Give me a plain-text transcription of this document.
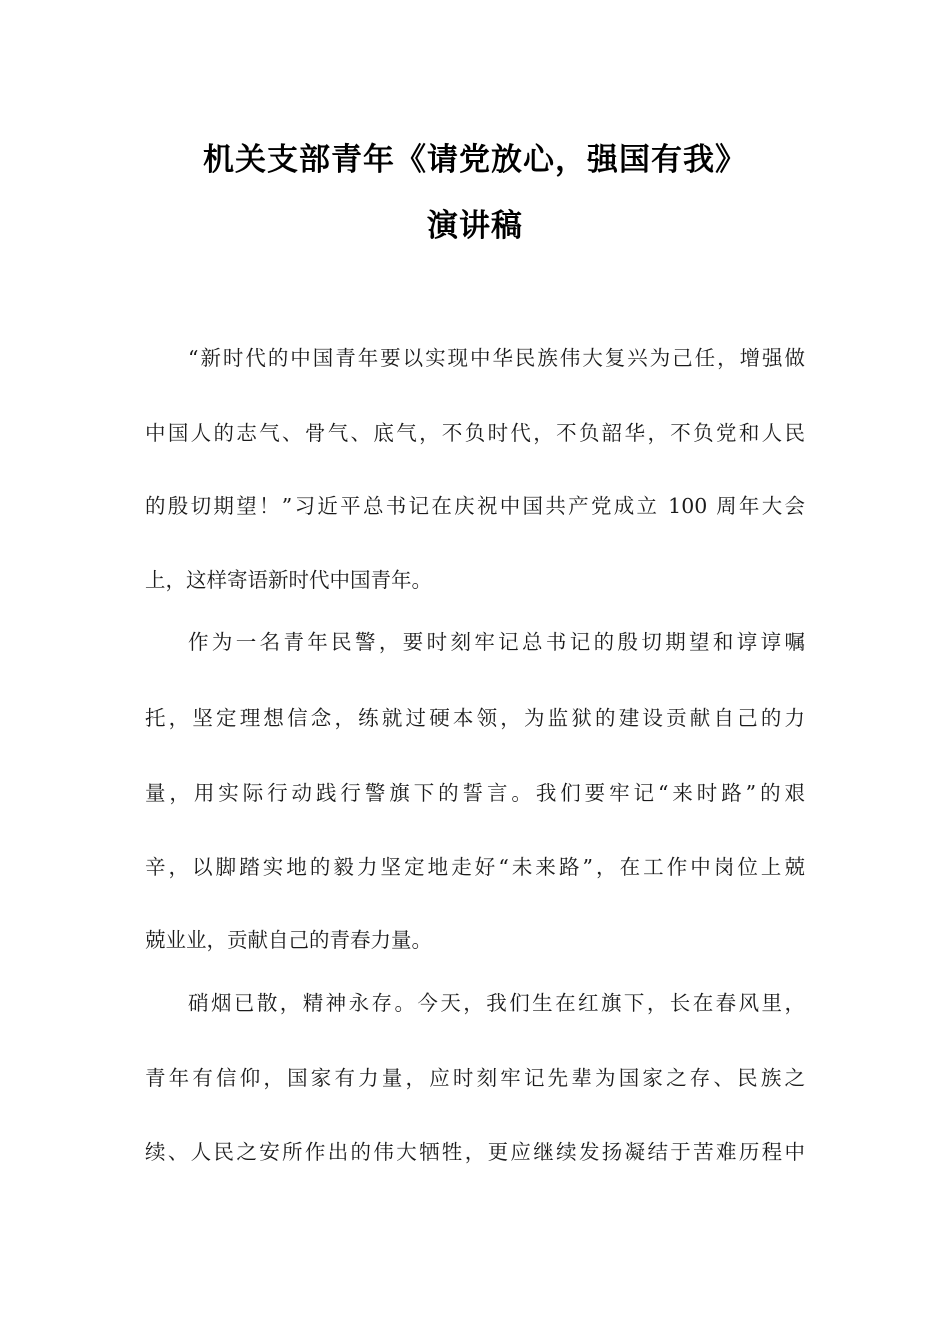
机关支部青年《请党放心，强国有我》
演讲稿
“新时代的中国青年要以实现中华民族伟大复兴为己任，增强做
中国人的志气、骨气、底气，不负时代，不负韶华，不负党和人民
的殷切期望！”习近平总书记在庆祝中国共产党成立 100 周年大会
上，这样寄语新时代中国青年。
作为一名青年民警，要时刻牢记总书记的殷切期望和谆谆嘱
托，坚定理想信念，练就过硬本领，为监狱的建设贡献自己的力
量，用实际行动践行警旗下的誓言。我们要牢记“来时路”的艰
辛，以脚踏实地的毅力坚定地走好“未来路”，在工作中岗位上兢
兢业业，贡献自己的青春力量。
硝烟已散，精神永存。今天，我们生在红旗下，长在春风里，
青年有信仰，国家有力量，应时刻牢记先辈为国家之存、民族之
续、人民之安所作出的伟大牺牲，更应继续发扬凝结于苦难历程中
